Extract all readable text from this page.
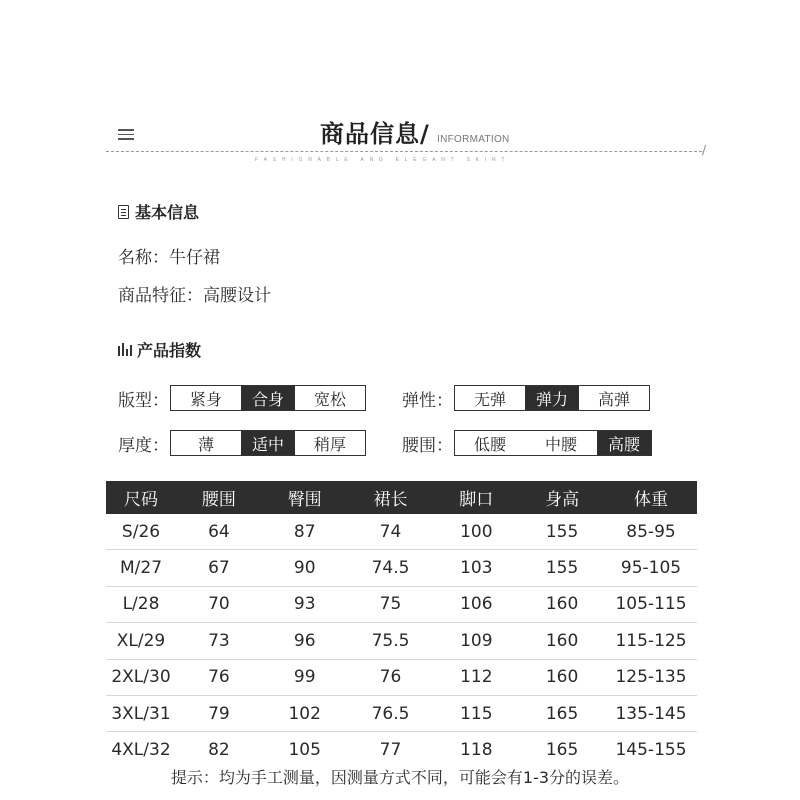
商品信息/ INFORMATION
/
FASHIONABLE AND ELEGANT SKIRT
基本信息
名称：牛仔裙
商品特征：高腰设计
产品指数
版型：	紧身	合身	宽松	弹性：	无弹	弹力	高弹
厚度：	薄	适中	稍厚	腰围：	低腰	中腰	高腰
尺码	腰围	臀围	裙长	脚口	身高	体重
S/26	64	87	74	100	155	85-95
M/27	67	90	74.5	103	155	95-105
L/28	70	93	75	106	160	105-115
XL/29	73	96	75.5	109	160	115-125
2XL/30	76	99	76	112	160	125-135
3XL/31	79	102	76.5	115	165	135-145
4XL/32	82	105	77	118	165	145-155
提示：均为手工测量，因测量方式不同，可能会有1-3分的误差。
